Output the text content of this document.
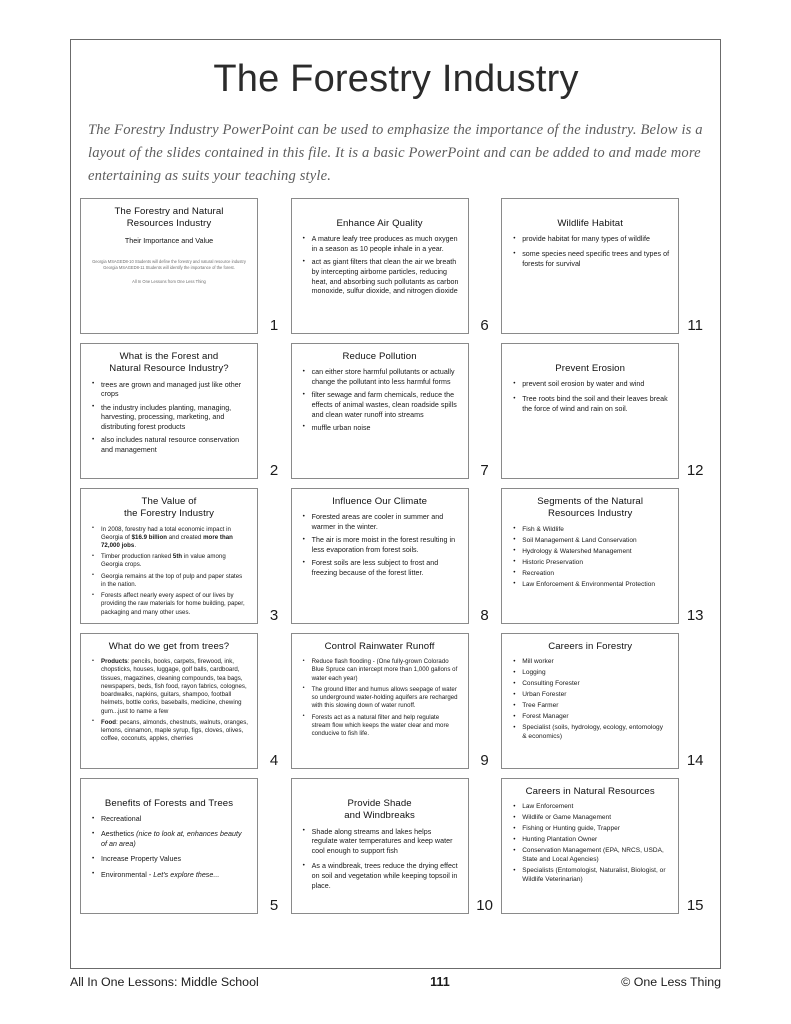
The Forestry Industry

The Forestry Industry PowerPoint can be used to emphasize the importance of the industry. Below is a layout of the slides contained in this file. It is a basic PowerPoint and can be added to and made more entertaining as suits your teaching style.

The Forestry and Natural
Resources Industry
Their Importance and Value
Georgia MSAGED8-10 Students will define the forestry and natural resource industry
Georgia MSAGED8-11 Students will identify the importance of the forest.
All In One Lessons from One Less Thing
1
Enhance Air Quality
• A mature leafy tree produces as much oxygen in a season as 10 people inhale in a year.
• act as giant filters that clean the air we breath by intercepting airborne particles, reducing heat, and absorbing such pollutants as carbon monoxide, sulfur dioxide, and nitrogen dioxide
6
Wildlife Habitat
• provide habitat for many types of wildlife
• some species need specific trees and types of forests for survival
11
What is the Forest and
Natural Resource Industry?
• trees are grown and managed just like other crops
• the industry includes planting, managing, harvesting, processing, marketing, and distributing forest products
• also includes natural resource conservation and management
2
Reduce Pollution
• can either store harmful pollutants or actually change the pollutant into less harmful forms
• filter sewage and farm chemicals, reduce the effects of animal wastes, clean roadside spills and clean water runoff into streams
• muffle urban noise
7
Prevent Erosion
• prevent soil erosion by water and wind
• Tree roots bind the soil and their leaves break the force of wind and rain on soil.
12
The Value of
the Forestry Industry
• In 2008, forestry had a total economic impact in Georgia of $16.9 billion and created more than 72,000 jobs.
• Timber production ranked 5th in value among Georgia crops.
• Georgia remains at the top of pulp and paper states in the nation.
• Forests affect nearly every aspect of our lives by providing the raw materials for home building, paper, packaging and many other uses.	3
Influence Our Climate
• Forested areas are cooler in summer and warmer in the winter.
• The air is more moist in the forest resulting in less evaporation from forest soils.
• Forest soils are less subject to frost and freezing because of the forest litter.
8
Segments of the Natural
Resources Industry
• Fish & Wildlife
• Soil Management & Land Conservation
• Hydrology & Watershed Management
• Historic Preservation
• Recreation
• Law Enforcement & Environmental Protection
13
What do we get from trees?
• Products: pencils, books, carpets, firewood, ink, chopsticks, houses, luggage, golf balls, cardboard, tissues, magazines, cleaning compounds, tea bags, newspapers, beds, fish food, rayon fabrics, colognes, boardwalks, napkins, guitars, shampoo, football helmets, bottle corks, baseballs, medicine, chewing gum...just to name a few
• Food: pecans, almonds, chestnuts, walnuts, oranges, lemons, cinnamon, maple syrup, figs, cloves, olives, coffee, coconuts, apples, cherries
4
Control Rainwater Runoff
• Reduce flash flooding - (One fully-grown Colorado Blue Spruce can intercept more than 1,000 gallons of water each year)
• The ground litter and humus allows seepage of water so underground water-holding aquifers are recharged with this slowing down of water runoff.
• Forests act as a natural filter and help regulate stream flow which keeps the water clear and more conducive to fish life.
9
Careers in Forestry
• Mill worker
• Logging
• Consulting Forester
• Urban Forester
• Tree Farmer
• Forest Manager
• Specialist (soils, hydrology, ecology, entomology & economics)
14
Benefits of Forests and Trees
• Recreational
• Aesthetics (nice to look at, enhances beauty of an area)
• Increase Property Values
• Environmental - Let's explore these...
5
Provide Shade
and Windbreaks
• Shade along streams and lakes helps regulate water temperatures and keep water cool enough to support fish
• As a windbreak, trees reduce the drying effect on soil and vegetation while keeping topsoil in place.
10
Careers in Natural Resources
• Law Enforcement
• Wildlife or Game Management
• Fishing or Hunting guide, Trapper
• Hunting Plantation Owner
• Conservation Management (EPA, NRCS, USDA, State and Local Agencies)
• Specialists (Entomologist, Naturalist, Biologist, or Wildlife Veterinarian)
15
All In One Lessons: Middle School	111	© One Less Thing
